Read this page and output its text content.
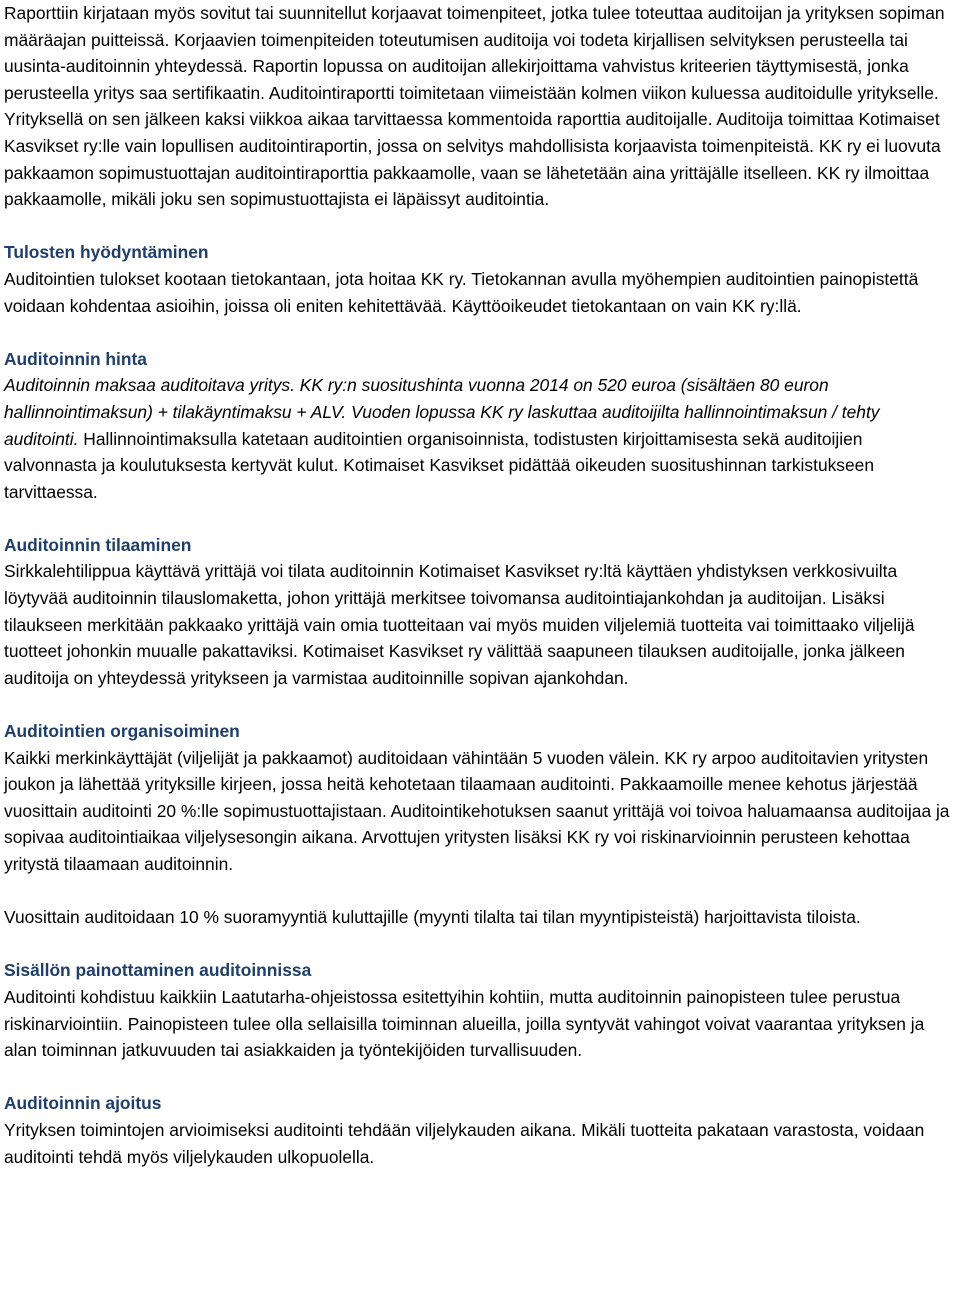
Raporttiin kirjataan myös sovitut tai suunnitellut korjaavat toimenpiteet, jotka tulee toteuttaa auditoijan ja yrityksen sopiman määräajan puitteissä. Korjaavien toimenpiteiden toteutumisen auditoija voi todeta kirjallisen selvityksen perusteella tai uusinta-auditoinnin yhteydessä. Raportin lopussa on auditoijan allekirjoittama vahvistus kriteerien täyttymisestä, jonka perusteella yritys saa sertifikaatin. Auditointiraportti toimitetaan viimeistään kolmen viikon kuluessa auditoidulle yritykselle. Yrityksellä on sen jälkeen kaksi viikkoa aikaa tarvittaessa kommentoida raporttia auditoijalle. Auditoija toimittaa Kotimaiset Kasvikset ry:lle vain lopullisen auditointiraportin, jossa on selvitys mahdollisista korjaavista toimenpiteistä. KK ry ei luovuta pakkaamon sopimustuottajan auditointiraporttia pakkaamolle, vaan se lähetetään aina yrittäjälle itselleen. KK ry ilmoittaa pakkaamolle, mikäli joku sen sopimustuottajista ei läpäissyt auditointia.

Tulosten hyödyntäminen

Auditointien tulokset kootaan tietokantaan, jota hoitaa KK ry. Tietokannan avulla myöhempien auditointien painopistettä voidaan kohdentaa asioihin, joissa oli eniten kehitettävää. Käyttöoikeudet tietokantaan on vain KK ry:llä.

Auditoinnin hinta

Auditoinnin maksaa auditoitava yritys. KK ry:n suositushinta vuonna 2014 on 520 euroa (sisältäen 80 euron hallinnointimaksun) + tilakäyntimaksu + ALV. Vuoden lopussa KK ry laskuttaa auditoijilta hallinnointimaksun / tehty auditointi. Hallinnointimaksulla katetaan auditointien organisoinnista, todistusten kirjoittamisesta sekä auditoijien valvonnasta ja koulutuksesta kertyvät kulut. Kotimaiset Kasvikset pidättää oikeuden suositushinnan tarkistukseen tarvittaessa.

Auditoinnin tilaaminen

Sirkkalehtilippua käyttävä yrittäjä voi tilata auditoinnin Kotimaiset Kasvikset ry:ltä käyttäen yhdistyksen verkkosivuilta löytyvää auditoinnin tilauslomaketta, johon yrittäjä merkitsee toivomansa auditointiajankohdan ja auditoijan. Lisäksi tilaukseen merkitään pakkaako yrittäjä vain omia tuotteitaan vai myös muiden viljelemiä tuotteita vai toimittaako viljelijä tuotteet johonkin muualle pakattaviksi. Kotimaiset Kasvikset ry välittää saapuneen tilauksen auditoijalle, jonka jälkeen auditoija on yhteydessä yritykseen ja varmistaa auditoinnille sopivan ajankohdan.

Auditointien organisoiminen

Kaikki merkinkäyttäjät (viljelijät ja pakkaamot) auditoidaan vähintään 5 vuoden välein. KK ry arpoo auditoitavien yritysten joukon ja lähettää yrityksille kirjeen, jossa heitä kehotetaan tilaamaan auditointi. Pakkaamoille menee kehotus järjestää vuosittain auditointi 20 %:lle sopimustuottajistaan. Auditointikehotuksen saanut yrittäjä voi toivoa haluamaansa auditoijaa ja sopivaa auditointiaikaa viljelysesongin aikana. Arvottujen yritysten lisäksi KK ry voi riskinarvioinnin perusteen kehottaa yritystä tilaamaan auditoinnin.

Vuosittain auditoidaan 10 % suoramyyntiä kuluttajille (myynti tilalta tai tilan myyntipisteistä) harjoittavista tiloista.

Sisällön painottaminen auditoinnissa

Auditointi kohdistuu kaikkiin Laatutarha-ohjeistossa esitettyihin kohtiin, mutta auditoinnin painopisteen tulee perustua riskinarviointiin. Painopisteen tulee olla sellaisilla toiminnan alueilla, joilla syntyvät vahingot voivat vaarantaa yrityksen ja alan toiminnan jatkuvuuden tai asiakkaiden ja työntekijöiden turvallisuuden.

Auditoinnin ajoitus

Yrityksen toimintojen arvioimiseksi auditointi tehdään viljelykauden aikana. Mikäli tuotteita pakataan varastosta, voidaan auditointi tehdä myös viljelykauden ulkopuolella.
